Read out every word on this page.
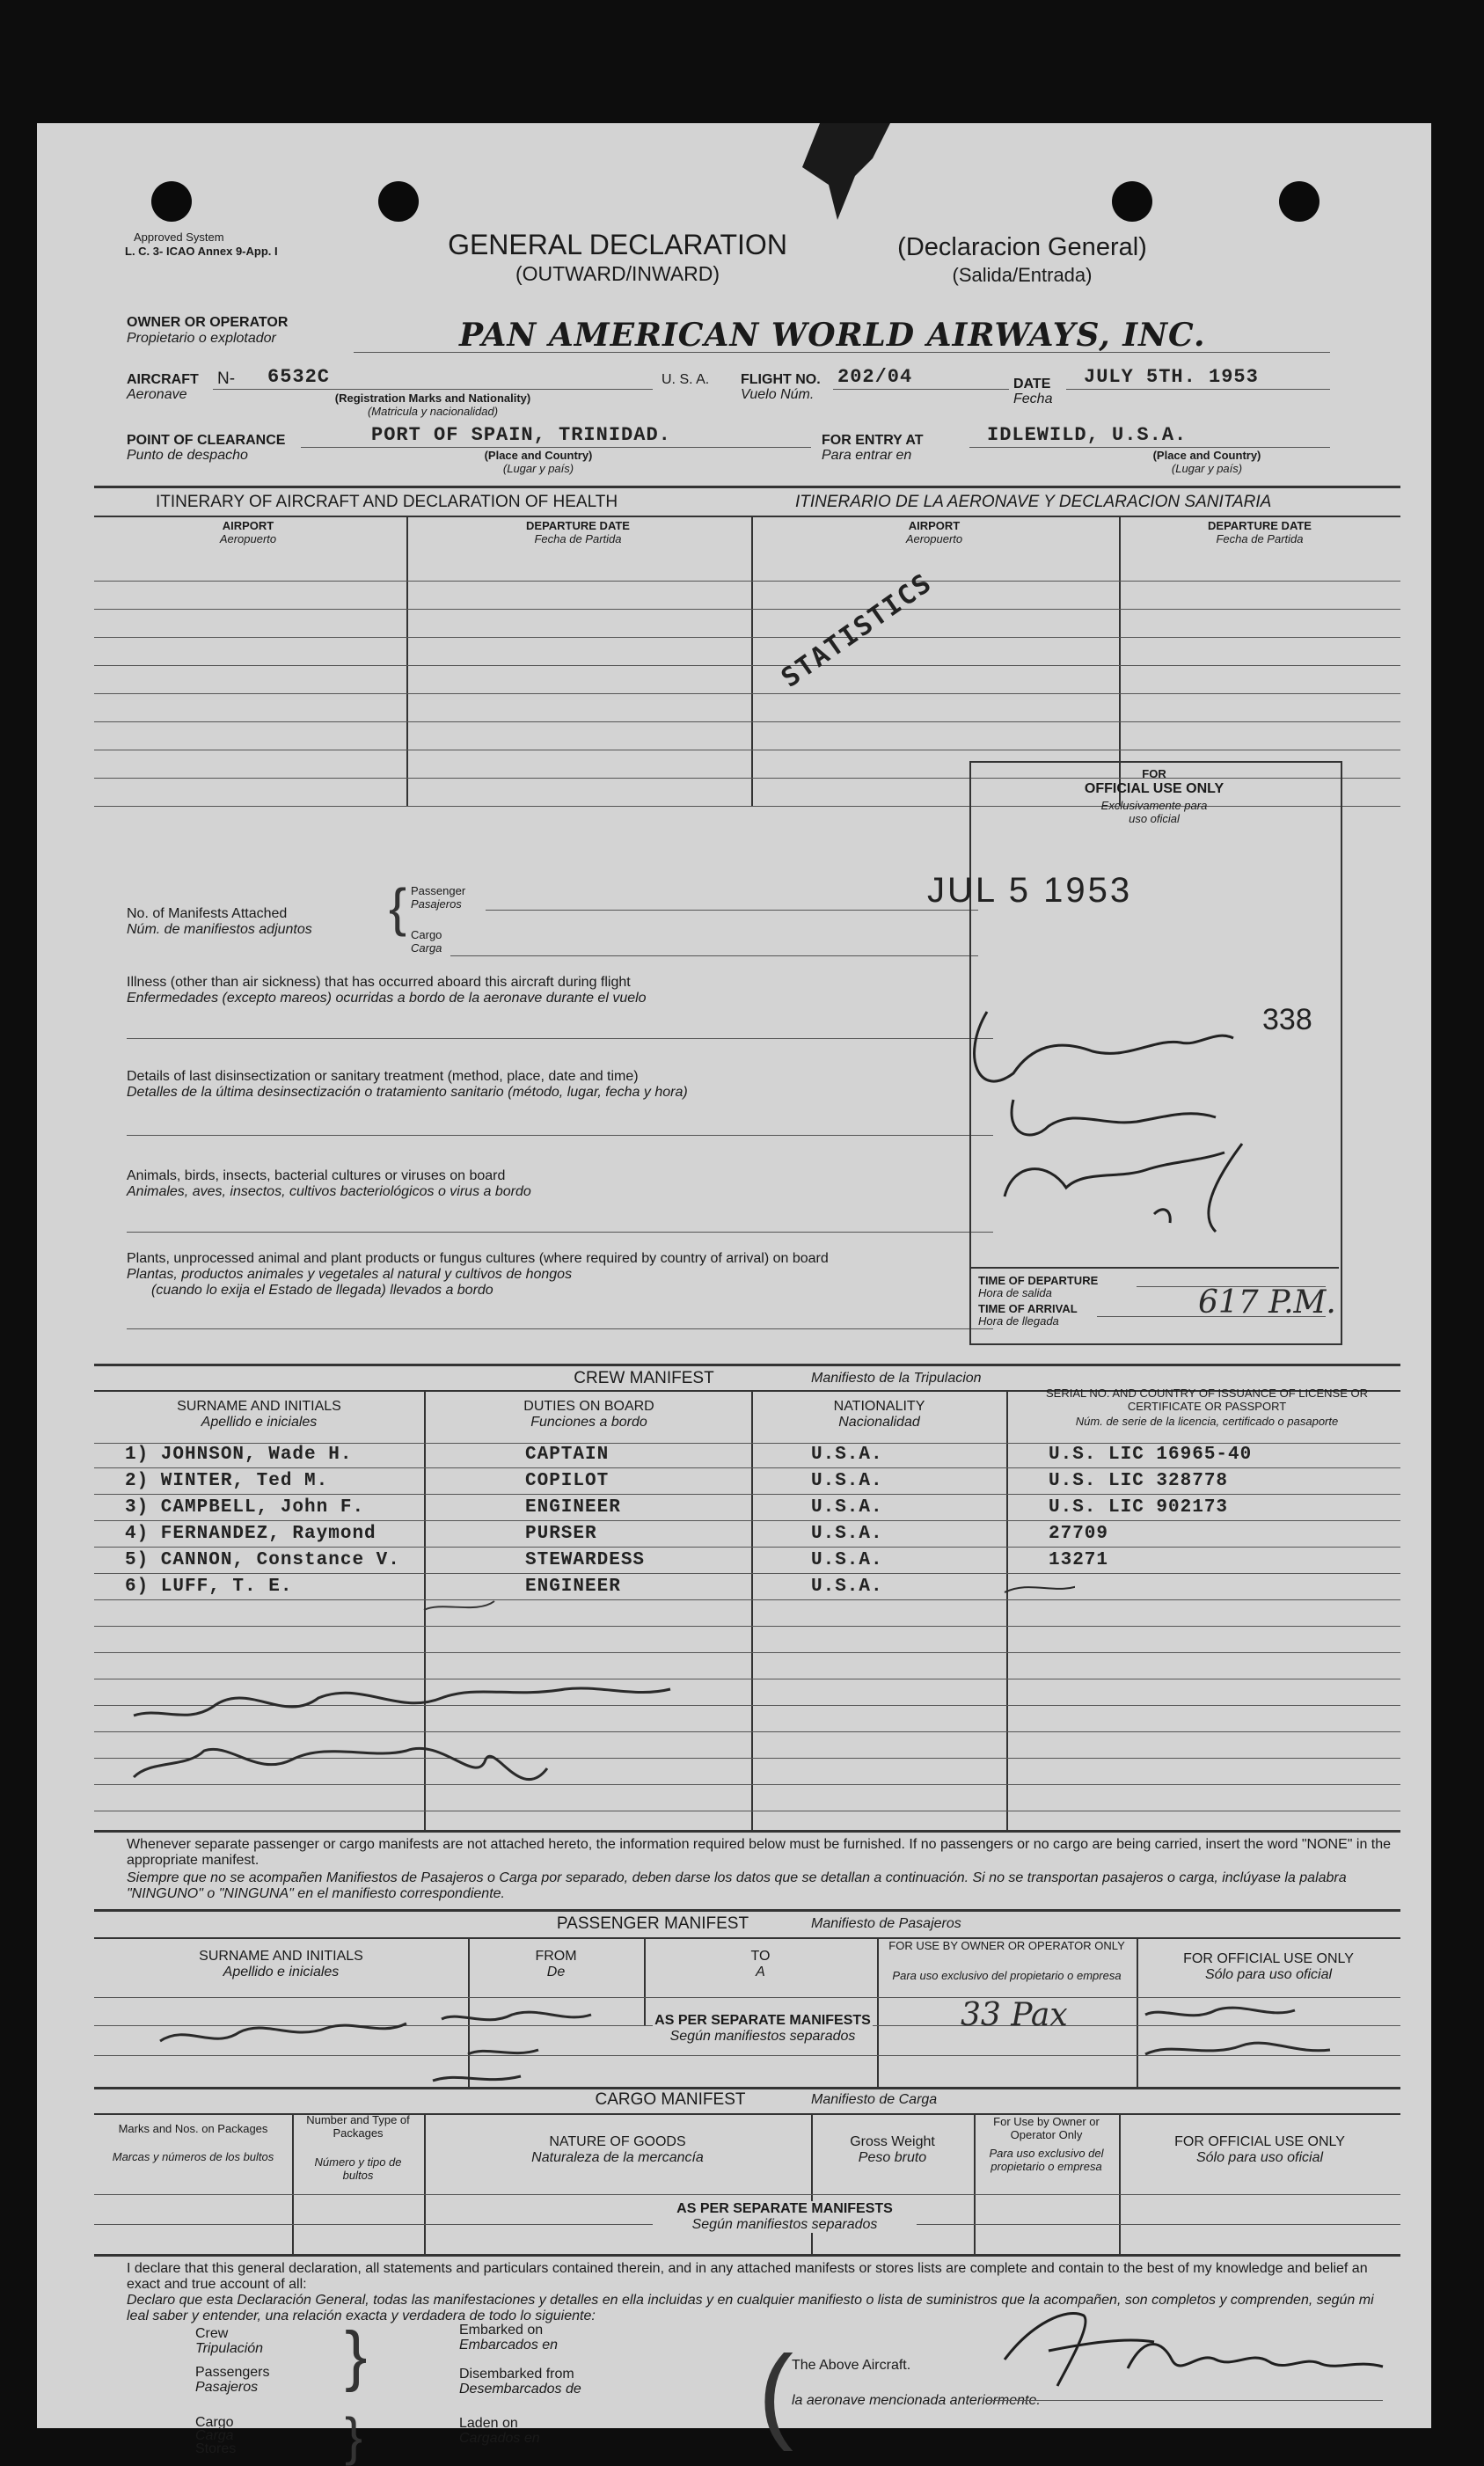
Approved System
L. C. 3- ICAO Annex 9-App. I	GENERAL DECLARATION
(OUTWARD/INWARD)
(Declaracion General)
(Salida/Entrada)
OWNER OR OPERATOR
Propietario o explotador	PAN AMERICAN WORLD AIRWAYS, INC.
AIRCRAFT
Aeronave
N- 6532C
(Registration Marks and Nationality)
(Matricula y nacionalidad)
U. S. A. FLIGHT NO.
Vuelo Núm.
202/04	DATE
Fecha
JULY 5TH. 1953
POINT OF CLEARANCE
Punto de despacho
PORT OF SPAIN, TRINIDAD.
(Place and Country)
(Lugar y país)
FOR ENTRY AT
Para entrar en
IDLEWILD, U.S.A.
(Place and Country)
(Lugar y país)
ITINERARY OF AIRCRAFT AND DECLARATION OF HEALTH	ITINERARIO DE LA AERONAVE Y DECLARACION SANITARIA
AIRPORT
Aeropuerto
DEPARTURE DATE
Fecha de Partida
AIRPORT
Aeropuerto
DEPARTURE DATE
Fecha de Partida
STATISTICS
No. of Manifests Attached
Núm. de manifiestos adjuntos
Passenger
Pasajeros
Cargo
Carga
{
Illness (other than air sickness) that has occurred aboard this aircraft during flight
Enfermedades (excepto mareos) ocurridas a bordo de la aeronave durante el vuelo
Details of last disinsectization or sanitary treatment (method, place, date and time)
Detalles de la última desinsectización o tratamiento sanitario (método, lugar, fecha y hora)
Animals, birds, insects, bacterial cultures or viruses on board
Animales, aves, insectos, cultivos bacteriológicos o virus a bordo
Plants, unprocessed animal and plant products or fungus cultures (where required by country of arrival) on board
Plantas, productos animales y vegetales al natural y cultivos de hongos
(cuando lo exija el Estado de llegada) llevados a bordo
FOR
OFFICIAL USE ONLY
Exclusivamente para
uso oficial
JUL 5 1953
338
TIME OF DEPARTURE
Hora de salida
TIME OF ARRIVAL
Hora de llegada
617 P.M.
CREW MANIFEST	Manifiesto de la Tripulacion
SURNAME AND INITIALS
Apellido e iniciales
DUTIES ON BOARD
Funciones a bordo
NATIONALITY
Nacionalidad
SERIAL NO. AND COUNTRY OF ISSUANCE OF LICENSE OR CERTIFICATE OR PASSPORT
Núm. de serie de la licencia, certificado o pasaporte
1) JOHNSON, Wade H.	CAPTAIN	U.S.A.	U.S. LIC 16965-40
2) WINTER, Ted M.	COPILOT	U.S.A.	U.S. LIC 328778
3) CAMPBELL, John F.	ENGINEER	U.S.A.	U.S. LIC 902173
4) FERNANDEZ, Raymond	PURSER	U.S.A.	27709
5) CANNON, Constance V.	STEWARDESS	U.S.A.	13271
6) LUFF, T. E.	ENGINEER	U.S.A.
Whenever separate passenger or cargo manifests are not attached hereto, the information required below must be furnished. If no passengers or no cargo are being carried, insert the word "NONE" in the appropriate manifest.
Siempre que no se acompañen Manifiestos de Pasajeros o Carga por separado, deben darse los datos que se detallan a continuación. Si no se transportan pasajeros o carga, inclúyase la palabra "NINGUNO" o "NINGUNA" en el manifiesto correspondiente.
PASSENGER MANIFEST	Manifiesto de Pasajeros
SURNAME AND INITIALS
Apellido e iniciales
FROM
De
TO
A
FOR USE BY OWNER OR OPERATOR ONLY
Para uso exclusivo del propietario o empresa
FOR OFFICIAL USE ONLY
Sólo para uso oficial
AS PER SEPARATE MANIFESTS
Según manifiestos separados
33 Pax
CARGO MANIFEST	Manifiesto de Carga
Marks and Nos. on Packages
Marcas y números de los bultos
Number and Type of Packages
Número y tipo de bultos
NATURE OF GOODS
Naturaleza de la mercancía
Gross Weight
Peso bruto
For Use by Owner or Operator Only
Para uso exclusivo del propietario o empresa
FOR OFFICIAL USE ONLY
Sólo para uso oficial
AS PER SEPARATE MANIFESTS
Según manifiestos separados
I declare that this general declaration, all statements and particulars contained therein, and in any attached manifests or stores lists are complete and contain to the best of my knowledge and belief an exact and true account of all:
Declaro que esta Declaración General, todas las manifestaciones y detalles en ella incluidas y en cualquier manifiesto o lista de suministros que la acompañen, son completos y comprenden, según mi leal saber y entender, una relación exacta y verdadera de todo lo siguiente:
Crew
Tripulación
Passengers
Pasajeros }	Embarked on
Embarcados en
Disembarked from
Desembarcados de
Cargo
Carga
Stores }	Laden on
Cargados en (
The Above Aircraft.
la aeronave mencionada anteriormente.
